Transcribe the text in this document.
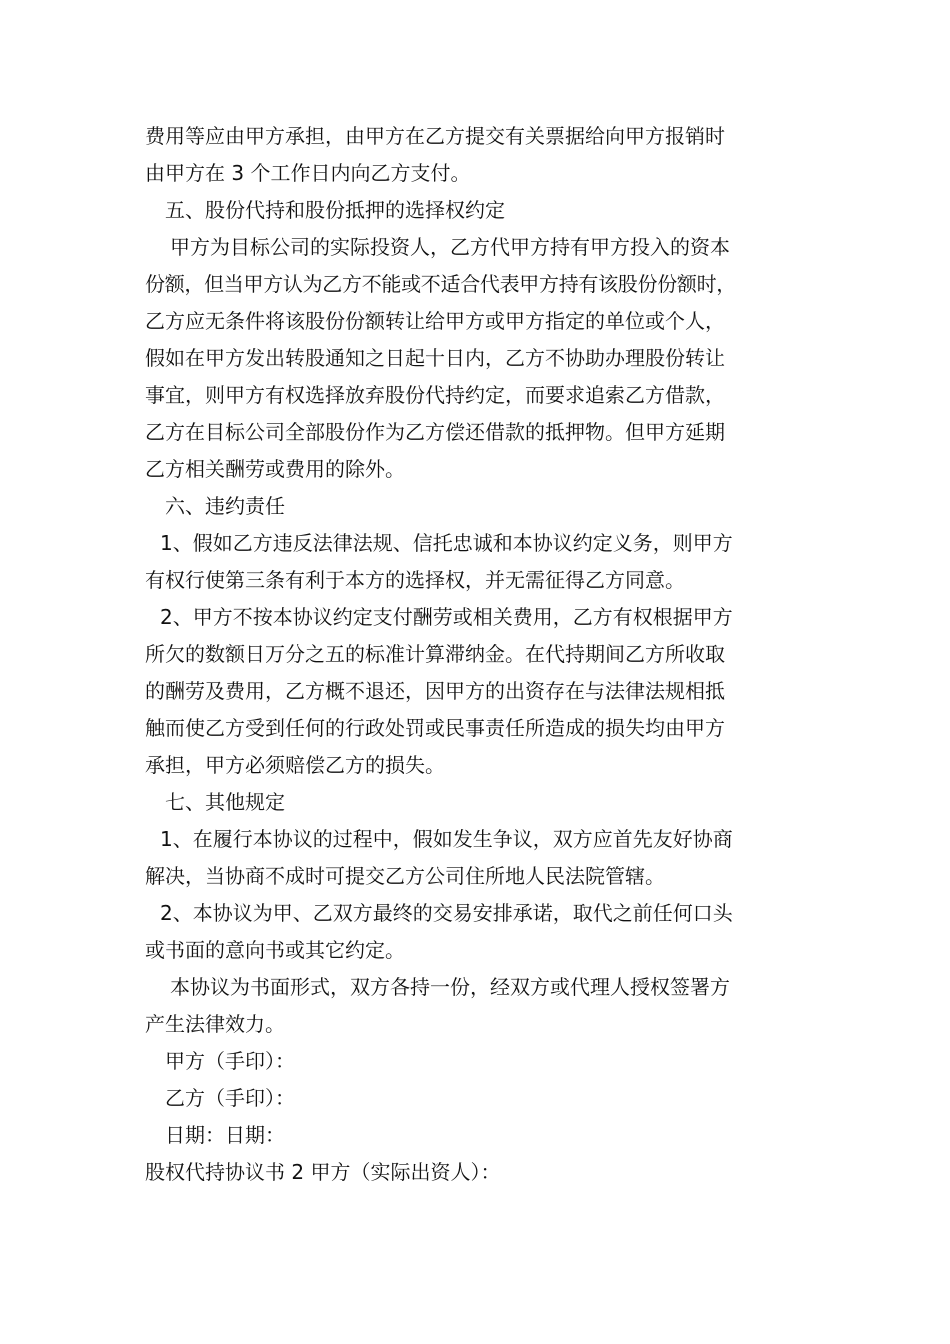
费用等应由甲方承担，由甲方在乙方提交有关票据给向甲方报销时

由甲方在 3 个工作日内向乙方支付。

五、股份代持和股份抵押的选择权约定

甲方为目标公司的实际投资人，乙方代甲方持有甲方投入的资本

份额，但当甲方认为乙方不能或不适合代表甲方持有该股份份额时，

乙方应无条件将该股份份额转让给甲方或甲方指定的单位或个人，

假如在甲方发出转股通知之日起十日内，乙方不协助办理股份转让

事宜，则甲方有权选择放弃股份代持约定，而要求追索乙方借款，

乙方在目标公司全部股份作为乙方偿还借款的抵押物。但甲方延期

乙方相关酬劳或费用的除外。

六、违约责任

1、假如乙方违反法律法规、信托忠诚和本协议约定义务，则甲方

有权行使第三条有利于本方的选择权，并无需征得乙方同意。

2、甲方不按本协议约定支付酬劳或相关费用，乙方有权根据甲方

所欠的数额日万分之五的标准计算滞纳金。在代持期间乙方所收取

的酬劳及费用，乙方概不退还，因甲方的出资存在与法律法规相抵

触而使乙方受到任何的行政处罚或民事责任所造成的损失均由甲方

承担，甲方必须赔偿乙方的损失。

七、其他规定

1、在履行本协议的过程中，假如发生争议，双方应首先友好协商

解决，当协商不成时可提交乙方公司住所地人民法院管辖。

2、本协议为甲、乙双方最终的交易安排承诺，取代之前任何口头

或书面的意向书或其它约定。

本协议为书面形式，双方各持一份，经双方或代理人授权签署方

产生法律效力。

甲方（手印）：

乙方（手印）：

日期：日期：

股权代持协议书 2 甲方（实际出资人）：
